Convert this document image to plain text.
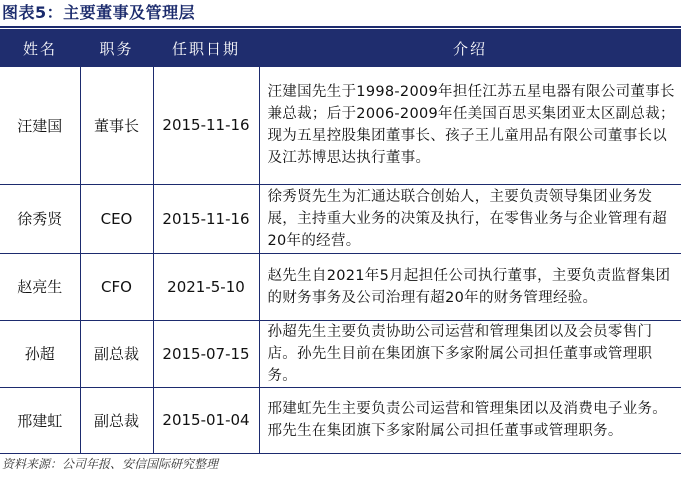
图表5：主要董事及管理层
姓名	职务	任职日期	介绍
汪建国	董事长	2015-11-16	汪建国先生于1998-2009年担任江苏五星电器有限公司董事长兼总裁；后于2006-2009年任美国百思买集团亚太区副总裁；现为五星控股集团董事长、孩子王儿童用品有限公司董事长以及江苏博思达执行董事。
徐秀贤	CEO	2015-11-16	徐秀贤先生为汇通达联合创始人，主要负责领导集团业务发展，主持重大业务的决策及执行，在零售业务与企业管理有超20年的经营。
赵亮生	CFO	2021-5-10	赵先生自2021年5月起担任公司执行董事，主要负责监督集团的财务事务及公司治理有超20年的财务管理经验。
孙超	副总裁	2015-07-15	孙超先生主要负责协助公司运营和管理集团以及会员零售门店。孙先生目前在集团旗下多家附属公司担任董事或管理职务。
邢建虹	副总裁	2015-01-04	邢建虹先生主要负责公司运营和管理集团以及消费电子业务。邢先生在集团旗下多家附属公司担任董事或管理职务。
资料来源：公司年报、安信国际研究整理
